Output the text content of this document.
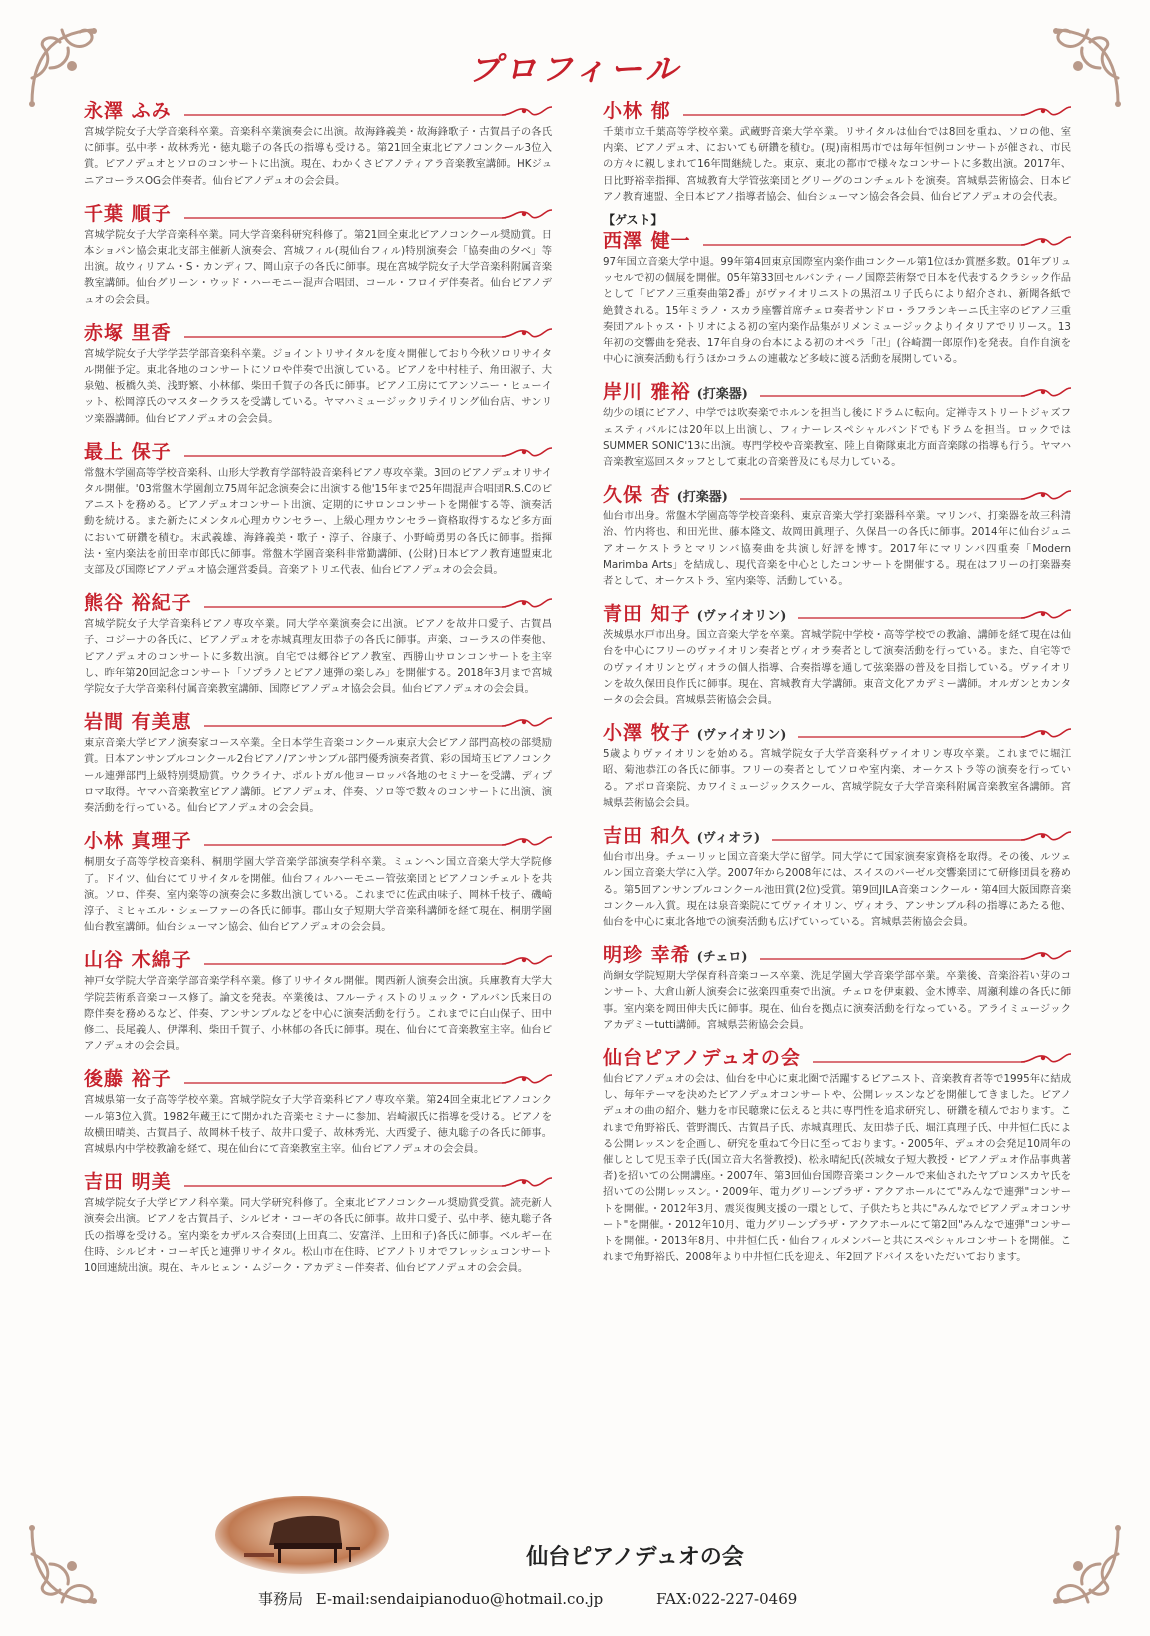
プロフィール
永澤 ふみ
宮城学院女子大学音楽科卒業。音楽科卒業演奏会に出演。故海鋒義美・故海鋒歌子・古賀昌子の各氏に師事。弘中孝・故林秀光・徳丸聡子の各氏の指導も受ける。第21回全東北ピアノコンクール3位入賞。ピアノデュオとソロのコンサートに出演。現在、わかくさピアノティアラ音楽教室講師。HKジュニアコーラスOG会伴奏者。仙台ピアノデュオの会会員。
千葉 順子
宮城学院女子大学音楽科卒業。同大学音楽科研究科修了。第21回全東北ピアノコンクール奨励賞。日本ショパン協会東北支部主催新人演奏会、宮城フィル(現仙台フィル)特別演奏会「協奏曲の夕べ」等出演。故ウィリアム・S・カンディフ、岡山京子の各氏に師事。現在宮城学院女子大学音楽科附属音楽教室講師。仙台グリーン・ウッド・ハーモニー混声合唱団、コール・フロイデ伴奏者。仙台ピアノデュオの会会員。
赤塚 里香
宮城学院女子大学学芸学部音楽科卒業。ジョイントリサイタルを度々開催しており今秋ソロリサイタル開催予定。東北各地のコンサートにソロや伴奏で出演している。ピアノを中村桂子、角田淑子、大泉勉、板橋久美、浅野繁、小林郁、柴田千賀子の各氏に師事。ピアノ工房にてアンソニー・ヒューイット、松岡淳氏のマスタークラスを受講している。ヤマハミュージックリテイリング仙台店、サンリツ楽器講師。仙台ピアノデュオの会会員。
最上 保子
常盤木学園高等学校音楽科、山形大学教育学部特設音楽科ピアノ専攻卒業。3回のピアノデュオリサイタル開催。'03常盤木学園創立75周年記念演奏会に出演する他'15年まで25年間混声合唱団R.S.Cのピアニストを務める。ピアノデュオコンサート出演、定期的にサロンコンサートを開催する等、演奏活動を続ける。また新たにメンタル心理カウンセラー、上級心理カウンセラー資格取得するなど多方面において研鑽を積む。末武義雄、海鋒義美・歌子・淳子、谷康子、小野崎勇男の各氏に師事。指揮法・室内楽法を前田幸市郎氏に師事。常盤木学園音楽科非常勤講師、(公財)日本ピアノ教育連盟東北支部及び国際ピアノデュオ協会運営委員。音楽アトリエ代表、仙台ピアノデュオの会会員。
熊谷 裕紀子
宮城学院女子大学音楽科ピアノ専攻卒業。同大学卒業演奏会に出演。ピアノを故井口愛子、古賀昌子、コジーナの各氏に、ピアノデュオを赤城真理友田恭子の各氏に師事。声楽、コーラスの伴奏他、ピアノデュオのコンサートに多数出演。自宅では郷谷ピアノ教室、西勝山サロンコンサートを主宰し、昨年第20回記念コンサート「ソプラノとピアノ連弾の楽しみ」を開催する。2018年3月まで宮城学院女子大学音楽科付属音楽教室講師、国際ピアノデュオ協会会員。仙台ピアノデュオの会会員。
岩間 有美恵
東京音楽大学ピアノ演奏家コース卒業。全日本学生音楽コンクール東京大会ピアノ部門高校の部奨励賞。日本アンサンブルコンクール2台ピアノ/アンサンブル部門優秀演奏者賞、彩の国埼玉ピアノコンクール連弾部門上級特別奨励賞。ウクライナ、ポルトガル他ヨーロッパ各地のセミナーを受講、ディプロマ取得。ヤマハ音楽教室ピアノ講師。ピアノデュオ、伴奏、ソロ等で数々のコンサートに出演、演奏活動を行っている。仙台ピアノデュオの会会員。
小林 真理子
桐朋女子高等学校音楽科、桐朋学園大学音楽学部演奏学科卒業。ミュンヘン国立音楽大学大学院修了。ドイツ、仙台にてリサイタルを開催。仙台フィルハーモニー管弦楽団とピアノコンチェルトを共演。ソロ、伴奏、室内楽等の演奏会に多数出演している。これまでに佐武由味子、岡林千枝子、磯崎淳子、ミヒャエル・シェーファーの各氏に師事。郡山女子短期大学音楽科講師を経て現在、桐朋学園仙台教室講師。仙台シューマン協会、仙台ピアノデュオの会会員。
山谷 木綿子
神戸女学院大学音楽学部音楽学科卒業。修了リサイタル開催。関西新人演奏会出演。兵庫教育大学大学院芸術系音楽コース修了。論文を発表。卒業後は、フルーティストのリュック・アルバン氏来日の際伴奏を務めるなど、伴奏、アンサンブルなどを中心に演奏活動を行う。これまでに白山保子、田中修二、長尾義人、伊澤利、柴田千賀子、小林郁の各氏に師事。現在、仙台にて音楽教室主宰。仙台ピアノデュオの会会員。
後藤 裕子
宮城県第一女子高等学校卒業。宮城学院女子大学音楽科ピアノ専攻卒業。第24回全東北ピアノコンクール第3位入賞。1982年蔵王にて開かれた音楽セミナーに参加、岩崎淑氏に指導を受ける。ピアノを故横田晴美、古賀昌子、故岡林千枝子、故井口愛子、故林秀光、大西愛子、徳丸聡子の各氏に師事。宮城県内中学校教諭を経て、現在仙台にて音楽教室主宰。仙台ピアノデュオの会会員。
吉田 明美
宮城学院女子大学ピアノ科卒業。同大学研究科修了。全東北ピアノコンクール奨励賞受賞。読売新人演奏会出演。ピアノを古賀昌子、シルビオ・コーギの各氏に師事。故井口愛子、弘中孝、徳丸聡子各氏の指導を受ける。室内楽をカザルス合奏団(上田真二、安富洋、上田和子)各氏に師事。ベルギー在住時、シルビオ・コーギ氏と連弾リサイタル。松山市在住時、ピアノトリオでフレッシュコンサート10回連続出演。現在、キルヒェン・ムジーク・アカデミー伴奏者、仙台ピアノデュオの会会員。
小林 郁
千葉市立千葉高等学校卒業。武蔵野音楽大学卒業。リサイタルは仙台では8回を重ね、ソロの他、室内楽、ピアノデュオ、においても研鑽を積む。(現)南相馬市では毎年恒例コンサートが催され、市民の方々に親しまれて16年間継続した。東京、東北の都市で様々なコンサートに多数出演。2017年、日比野裕幸指揮、宮城教育大学管弦楽団とグリーグのコンチェルトを演奏。宮城県芸術協会、日本ピアノ教育連盟、全日本ピアノ指導者協会、仙台シューマン協会各会員、仙台ピアノデュオの会代表。
【ゲスト】
西澤 健一
97年国立音楽大学中退。99年第4回東京国際室内楽作曲コンクール第1位ほか賞歴多数。01年ブリュッセルで初の個展を開催。05年第33回セルバンティーノ国際芸術祭で日本を代表するクラシック作品として「ピアノ三重奏曲第2番」がヴァイオリニストの黒沼ユリ子氏らにより紹介され、新聞各紙で絶賛される。15年ミラノ・スカラ座響首席チェロ奏者サンドロ・ラフランキーニ氏主宰のピアノ三重奏団アルトゥス・トリオによる初の室内楽作品集がリメンミュージックよりイタリアでリリース。13年初の交響曲を発表、17年自身の台本による初のオペラ「卍」(谷崎潤一郎原作)を発表。自作自演を中心に演奏活動も行うほかコラムの連載など多岐に渡る活動を展開している。
岸川 雅裕 (打楽器)
幼少の頃にピアノ、中学では吹奏楽でホルンを担当し後にドラムに転向。定禅寺ストリートジャズフェスティバルには20年以上出演し、フィナーレスペシャルバンドでもドラムを担当。ロックではSUMMER SONIC'13に出演。専門学校や音楽教室、陸上自衛隊東北方面音楽隊の指導も行う。ヤマハ音楽教室巡回スタッフとして東北の音楽普及にも尽力している。
久保 杏 (打楽器)
仙台市出身。常盤木学園高等学校音楽科、東京音楽大学打楽器科卒業。マリンバ、打楽器を故三科清治、竹内将也、和田光世、藤本隆文、故岡田眞理子、久保昌一の各氏に師事。2014年に仙台ジュニアオーケストラとマリンバ協奏曲を共演し好評を博す。2017年にマリンバ四重奏「Modern Marimba Arts」を結成し、現代音楽を中心としたコンサートを開催する。現在はフリーの打楽器奏者として、オーケストラ、室内楽等、活動している。
青田 知子 (ヴァイオリン)
茨城県水戸市出身。国立音楽大学を卒業。宮城学院中学校・高等学校での教諭、講師を経て現在は仙台を中心にフリーのヴァイオリン奏者とヴィオラ奏者として演奏活動を行っている。また、自宅等でのヴァイオリンとヴィオラの個人指導、合奏指導を通して弦楽器の普及を目指している。ヴァイオリンを故久保田良作氏に師事。現在、宮城教育大学講師。東音文化アカデミー講師。オルガンとカンタータの会会員。宮城県芸術協会会員。
小澤 牧子 (ヴァイオリン)
5歳よりヴァイオリンを始める。宮城学院女子大学音楽科ヴァイオリン専攻卒業。これまでに堀江昭、菊池恭江の各氏に師事。フリーの奏者としてソロや室内楽、オーケストラ等の演奏を行っている。アポロ音楽院、カワイミュージックスクール、宮城学院女子大学音楽科附属音楽教室各講師。宮城県芸術協会会員。
吉田 和久 (ヴィオラ)
仙台市出身。チューリッヒ国立音楽大学に留学。同大学にて国家演奏家資格を取得。その後、ルツェルン国立音楽大学に入学。2007年から2008年には、スイスのバーゼル交響楽団にて研修団員を務める。第5回アンサンブルコンクール池田賞(2位)受賞。第9回JILA音楽コンクール・第4回大阪国際音楽コンクール入賞。現在は泉音楽院にてヴァイオリン、ヴィオラ、アンサンブル科の指導にあたる他、仙台を中心に東北各地での演奏活動も広げていっている。宮城県芸術協会会員。
明珍 幸希 (チェロ)
尚絅女学院短期大学保育科音楽コース卒業、洗足学園大学音楽学部卒業。卒業後、音楽浴若い芽のコンサート、大倉山新人演奏会に弦楽四重奏で出演。チェロを伊東毅、金木博幸、周瀬利雄の各氏に師事。室内楽を岡田伸夫氏に師事。現在、仙台を拠点に演奏活動を行なっている。アライミュージックアカデミーtutti講師。宮城県芸術協会会員。
仙台ピアノデュオの会
仙台ピアノデュオの会は、仙台を中心に東北圏で活躍するピアニスト、音楽教育者等で1995年に結成し、毎年テーマを決めたピアノデュオコンサートや、公開レッスンなどを開催してきました。ピアノデュオの曲の紹介、魅力を市民聴衆に伝えると共に専門性を追求研究し、研鑽を積んでおります。これまで角野裕氏、菅野潤氏、古賀昌子氏、赤城真理氏、友田恭子氏、堀江真理子氏、中井恒仁氏による公開レッスンを企画し、研究を重ねて今日に至っております。・2005年、デュオの会発足10周年の催しとして児玉幸子氏(国立音大名誉教授)、松永晴紀氏(茨城女子短大教授・ピアノデュオ作品事典著者)を招いての公開講座。・2007年、第3回仙台国際音楽コンクールで来仙されたヤブロンスカヤ氏を招いての公開レッスン。・2009年、電力グリーンプラザ・アクアホールにて"みんなで連弾"コンサートを開催。・2012年3月、震災復興支援の一環として、子供たちと共に"みんなでピアノデュオコンサート"を開催。・2012年10月、電力グリーンプラザ・アクアホールにて第2回"みんなで連弾"コンサートを開催。・2013年8月、中井恒仁氏・仙台フィルメンバーと共にスペシャルコンサートを開催。これまで角野裕氏、2008年より中井恒仁氏を迎え、年2回アドバイスをいただいております。
仙台ピアノデュオの会
事務局 E-mail:sendaipianoduo@hotmail.co.jp	FAX:022-227-0469
